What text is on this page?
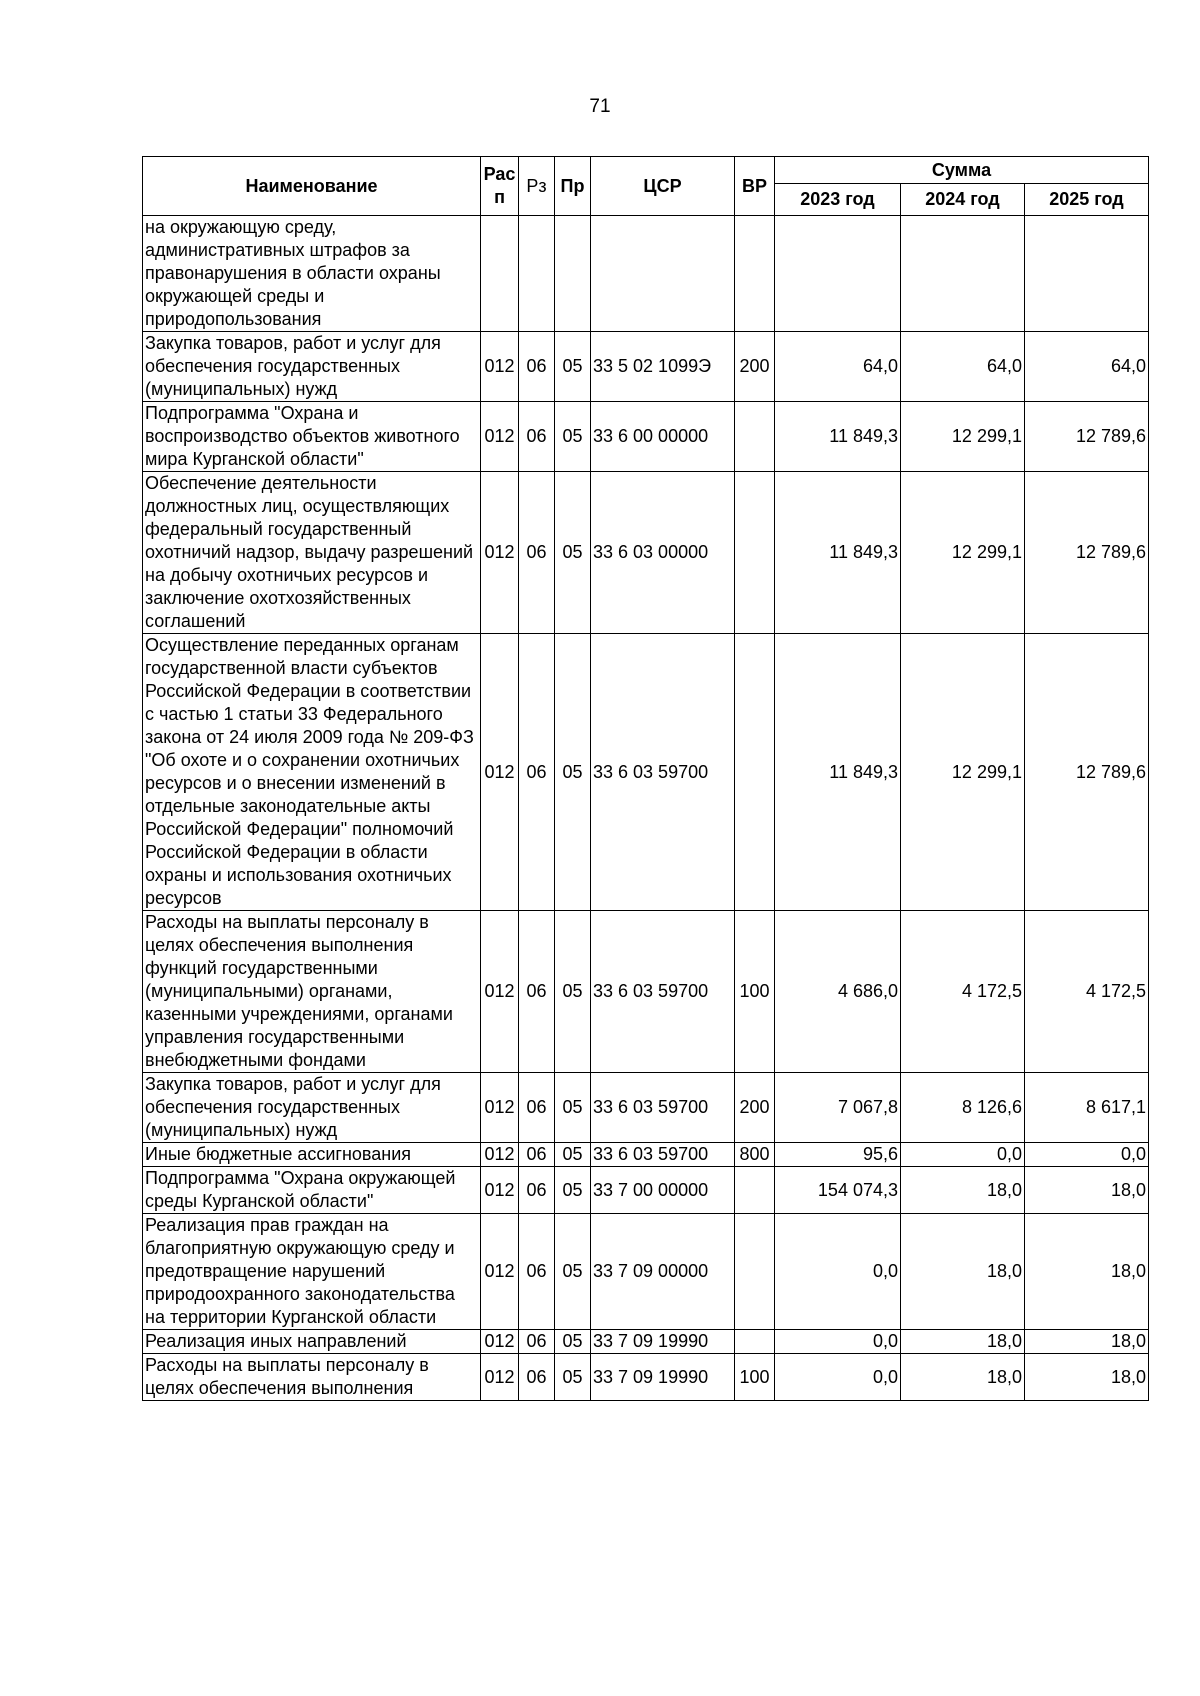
71
Наименование	Рас п	Рз	Пр	ЦСР	ВР	Сумма		
						2023 год	2024 год	2025 год
на окружающую среду, административных штрафов за правонарушения в области охраны окружающей среды и природопользования								
Закупка товаров, работ и услуг для обеспечения государственных (муниципальных) нужд	012	06	05	33 5 02 1099Э	200	64,0	64,0	64,0
Подпрограмма "Охрана и воспроизводство объектов животного мира Курганской области"	012	06	05	33 6 00 00000		11 849,3	12 299,1	12 789,6
Обеспечение деятельности должностных лиц, осуществляющих федеральный государственный охотничий надзор, выдачу разрешений на добычу охотничьих ресурсов и заключение охотхозяйственных соглашений	012	06	05	33 6 03 00000		11 849,3	12 299,1	12 789,6
Осуществление переданных органам государственной власти субъектов Российской Федерации в соответствии с частью 1 статьи 33 Федерального закона от 24 июля 2009 года № 209-ФЗ "Об охоте и о сохранении охотничьих ресурсов и о внесении изменений в отдельные законодательные акты Российской Федерации" полномочий Российской Федерации в области охраны и использования охотничьих ресурсов	012	06	05	33 6 03 59700		11 849,3	12 299,1	12 789,6
Расходы на выплаты персоналу в целях обеспечения выполнения функций государственными (муниципальными) органами, казенными учреждениями, органами управления государственными внебюджетными фондами	012	06	05	33 6 03 59700	100	4 686,0	4 172,5	4 172,5
Закупка товаров, работ и услуг для обеспечения государственных (муниципальных) нужд	012	06	05	33 6 03 59700	200	7 067,8	8 126,6	8 617,1
Иные бюджетные ассигнования	012	06	05	33 6 03 59700	800	95,6	0,0	0,0
Подпрограмма "Охрана окружающей среды Курганской области"	012	06	05	33 7 00 00000		154 074,3	18,0	18,0
Реализация прав граждан на благоприятную окружающую среду и предотвращение нарушений природоохранного законодательства на территории Курганской области	012	06	05	33 7 09 00000		0,0	18,0	18,0
Реализация иных направлений	012	06	05	33 7 09 19990		0,0	18,0	18,0
Расходы на выплаты персоналу в целях обеспечения выполнения	012	06	05	33 7 09 19990	100	0,0	18,0	18,0
